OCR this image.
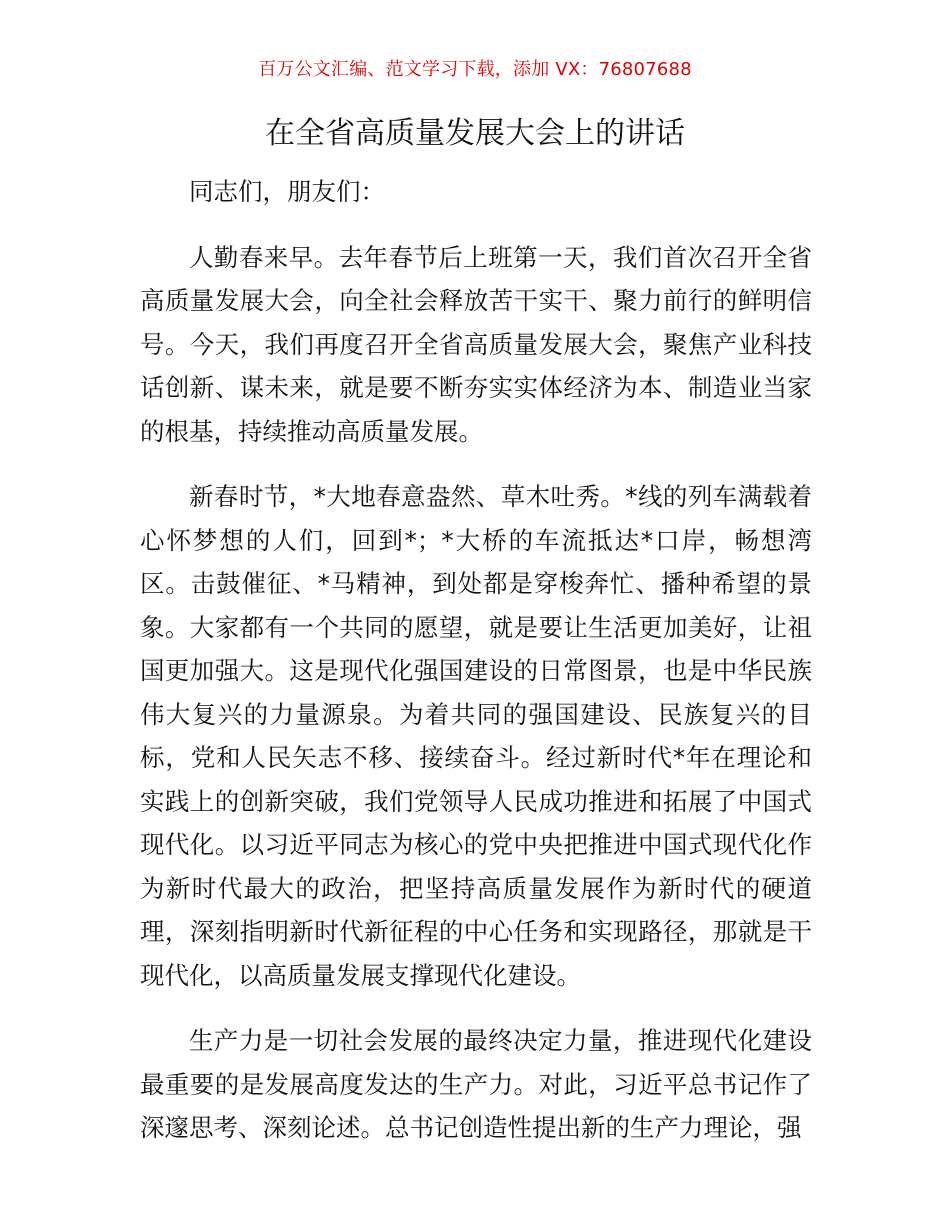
百万公文汇编、范文学习下载，添加 VX：76807688
在全省高质量发展大会上的讲话

同志们，朋友们：

人勤春来早。去年春节后上班第一天，我们首次召开全省高质量发展大会，向全社会释放苦干实干、聚力前行的鲜明信号。今天，我们再度召开全省高质量发展大会，聚焦产业科技话创新、谋未来，就是要不断夯实实体经济为本、制造业当家的根基，持续推动高质量发展。

新春时节，*大地春意盎然、草木吐秀。*线的列车满载着心怀梦想的人们，回到*；*大桥的车流抵达*口岸，畅想湾区。击鼓催征、*马精神，到处都是穿梭奔忙、播种希望的景象。大家都有一个共同的愿望，就是要让生活更加美好，让祖国更加强大。这是现代化强国建设的日常图景，也是中华民族伟大复兴的力量源泉。为着共同的强国建设、民族复兴的目标，党和人民矢志不移、接续奋斗。经过新时代*年在理论和实践上的创新突破，我们党领导人民成功推进和拓展了中国式现代化。以习近平同志为核心的党中央把推进中国式现代化作为新时代最大的政治，把坚持高质量发展作为新时代的硬道理，深刻指明新时代新征程的中心任务和实现路径，那就是干现代化，以高质量发展支撑现代化建设。

生产力是一切社会发展的最终决定力量，推进现代化建设最重要的是发展高度发达的生产力。对此，习近平总书记作了深邃思考、深刻论述。总书记创造性提出新的生产力理论，强
